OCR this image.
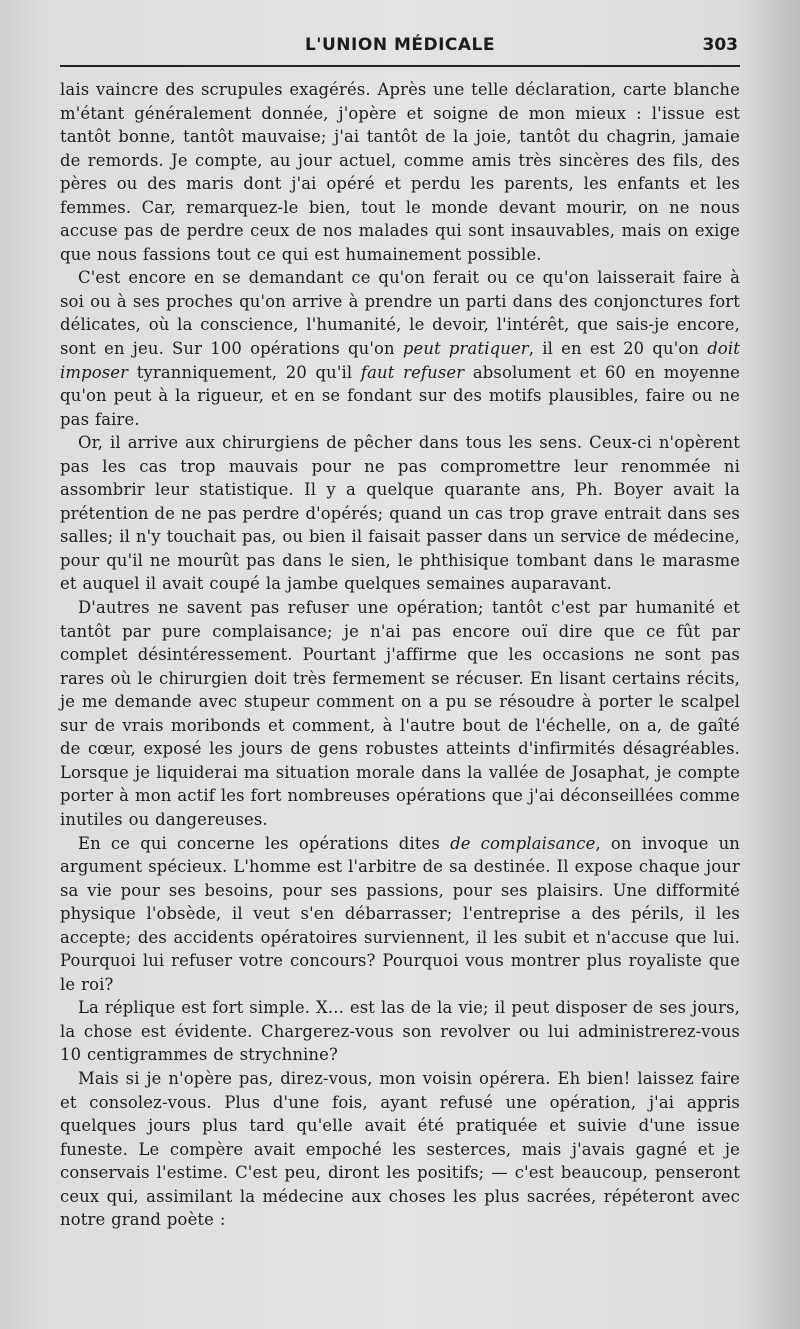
L'UNION MÉDICALE	303

lais vaincre des scrupules exagérés. Après une telle déclaration, carte blanche m'étant généralement donnée, j'opère et soigne de mon mieux : l'issue est tantôt bonne, tantôt mauvaise; j'ai tantôt de la joie, tantôt du chagrin, jamaie de remords. Je compte, au jour actuel, comme amis très sincères des fils, des pères ou des maris dont j'ai opéré et perdu les parents, les enfants et les femmes. Car, remarquez-le bien, tout le monde devant mourir, on ne nous accuse pas de perdre ceux de nos malades qui sont insauvables, mais on exige que nous fassions tout ce qui est humainement possible.

C'est encore en se demandant ce qu'on ferait ou ce qu'on laisserait faire à soi ou à ses proches qu'on arrive à prendre un parti dans des conjonctures fort délicates, où la conscience, l'humanité, le devoir, l'intérêt, que sais-je encore, sont en jeu. Sur 100 opérations qu'on peut pratiquer, il en est 20 qu'on doit imposer tyranniquement, 20 qu'il faut refuser absolument et 60 en moyenne qu'on peut à la rigueur, et en se fondant sur des motifs plausibles, faire ou ne pas faire.

Or, il arrive aux chirurgiens de pêcher dans tous les sens. Ceux-ci n'opèrent pas les cas trop mauvais pour ne pas compromettre leur renommée ni assombrir leur statistique. Il y a quelque quarante ans, Ph. Boyer avait la prétention de ne pas perdre d'opérés; quand un cas trop grave entrait dans ses salles; il n'y touchait pas, ou bien il faisait passer dans un service de médecine, pour qu'il ne mourût pas dans le sien, le phthisique tombant dans le marasme et auquel il avait coupé la jambe quelques semaines auparavant.

D'autres ne savent pas refuser une opération; tantôt c'est par humanité et tantôt par pure complaisance; je n'ai pas encore ouï dire que ce fût par complet désintéressement. Pourtant j'affirme que les occasions ne sont pas rares où le chirurgien doit très fermement se récuser. En lisant certains récits, je me demande avec stupeur comment on a pu se résoudre à porter le scalpel sur de vrais moribonds et comment, à l'autre bout de l'échelle, on a, de gaîté de cœur, exposé les jours de gens robustes atteints d'infirmités désagréables. Lorsque je liquiderai ma situation morale dans la vallée de Josaphat, je compte porter à mon actif les fort nombreuses opérations que j'ai déconseillées comme inutiles ou dangereuses.

En ce qui concerne les opérations dites de complaisance, on invoque un argument spécieux. L'homme est l'arbitre de sa destinée. Il expose chaque jour sa vie pour ses besoins, pour ses passions, pour ses plaisirs. Une difformité physique l'obsède, il veut s'en débarrasser; l'entreprise a des périls, il les accepte; des accidents opératoires surviennent, il les subit et n'accuse que lui. Pourquoi lui refuser votre concours? Pourquoi vous montrer plus royaliste que le roi?

La réplique est fort simple. X... est las de la vie; il peut disposer de ses jours, la chose est évidente. Chargerez-vous son revolver ou lui administrerez-vous 10 centigrammes de strychnine?

Mais si je n'opère pas, direz-vous, mon voisin opérera. Eh bien! laissez faire et consolez-vous. Plus d'une fois, ayant refusé une opération, j'ai appris quelques jours plus tard qu'elle avait été pratiquée et suivie d'une issue funeste. Le compère avait empoché les sesterces, mais j'avais gagné et je conservais l'estime. C'est peu, diront les positifs; — c'est beaucoup, penseront ceux qui, assimilant la médecine aux choses les plus sacrées, répéteront avec notre grand poète :
